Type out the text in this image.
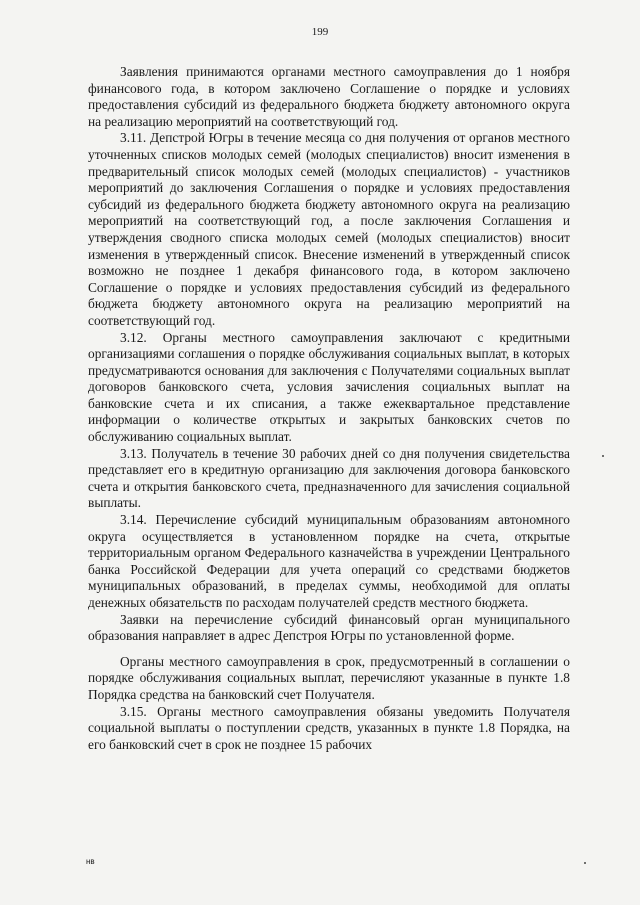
199

Заявления принимаются органами местного самоуправления до 1 ноября финансового года, в котором заключено Соглашение о порядке и условиях предоставления субсидий из федерального бюджета бюджету автономного округа на реализацию мероприятий на соответствующий год.

3.11. Депстрой Югры в течение месяца со дня получения от органов местного уточненных списков молодых семей (молодых специалистов) вносит изменения в предварительный список молодых семей (молодых специалистов) - участников мероприятий до заключения Соглашения о порядке и условиях предоставления субсидий из федерального бюджета бюджету автономного округа на реализацию мероприятий на соответствующий год, а после заключения Соглашения и утверждения сводного списка молодых семей (молодых специалистов) вносит изменения в утвержденный список. Внесение изменений в утвержденный список возможно не позднее 1 декабря финансового года, в котором заключено Соглашение о порядке и условиях предоставления субсидий из федерального бюджета бюджету автономного округа на реализацию мероприятий на соответствующий год.

3.12. Органы местного самоуправления заключают с кредитными организациями соглашения о порядке обслуживания социальных выплат, в которых предусматриваются основания для заключения с Получателями социальных выплат договоров банковского счета, условия зачисления социальных выплат на банковские счета и их списания, а также ежеквартальное представление информации о количестве открытых и закрытых банковских счетов по обслуживанию социальных выплат.

3.13. Получатель в течение 30 рабочих дней со дня получения свидетельства представляет его в кредитную организацию для заключения договора банковского счета и открытия банковского счета, предназначенного для зачисления социальной выплаты.

3.14. Перечисление субсидий муниципальным образованиям автономного округа осуществляется в установленном порядке на счета, открытые территориальным органом Федерального казначейства в учреждении Центрального банка Российской Федерации для учета операций со средствами бюджетов муниципальных образований, в пределах суммы, необходимой для оплаты денежных обязательств по расходам получателей средств местного бюджета.

Заявки на перечисление субсидий финансовый орган муниципального образования направляет в адрес Депстроя Югры по установленной форме.

Органы местного самоуправления в срок, предусмотренный в соглашении о порядке обслуживания социальных выплат, перечисляют указанные в пункте 1.8 Порядка средства на банковский счет Получателя.

3.15. Органы местного самоуправления обязаны уведомить Получателя социальной выплаты о поступлении средств, указанных в пункте 1.8 Порядка, на его банковский счет в срок не позднее 15 рабочих

нв
